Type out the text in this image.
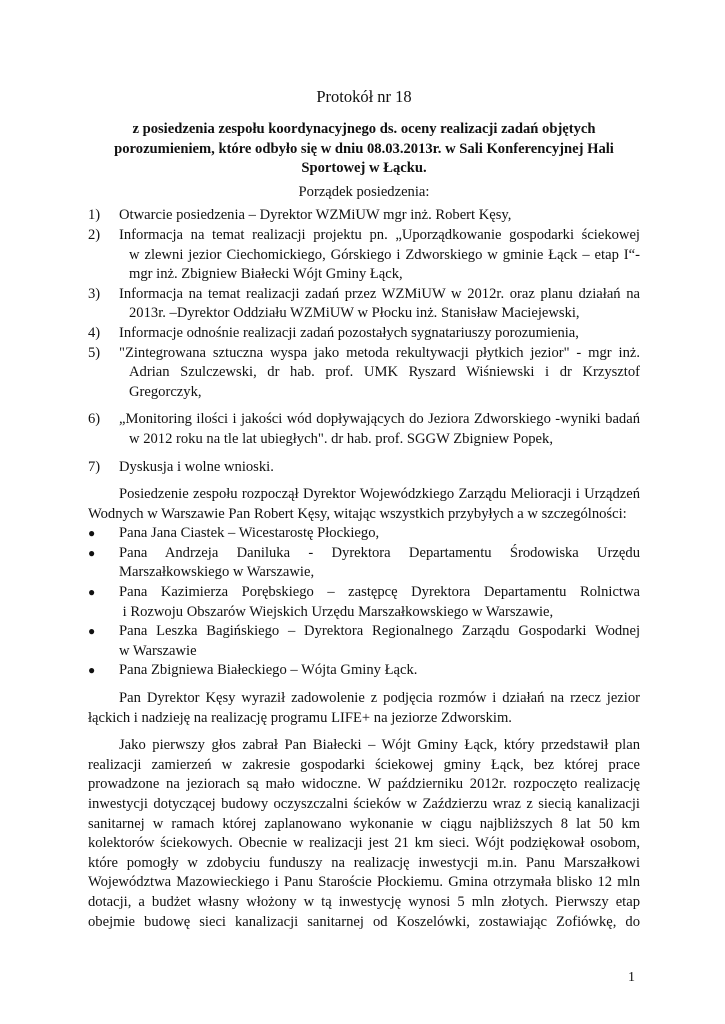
Protokół nr 18
z posiedzenia zespołu koordynacyjnego ds. oceny realizacji zadań objętych
porozumieniem, które odbyło się w dniu 08.03.2013r. w Sali Konferencyjnej Hali
Sportowej w Łącku.
Porządek posiedzenia:
1) Otwarcie posiedzenia – Dyrektor WZMiUW mgr inż. Robert Kęsy,
2) Informacja na temat realizacji projektu pn. „Uporządkowanie gospodarki ściekowej
w zlewni jezior Ciechomickiego, Górskiego i Zdworskiego w gminie Łąck – etap I“-
mgr inż. Zbigniew Białecki Wójt Gminy Łąck,
3) Informacja na temat realizacji zadań przez WZMiUW w 2012r. oraz planu działań na
2013r. –Dyrektor Oddziału WZMiUW w Płocku inż. Stanisław Maciejewski,
4) Informacje odnośnie realizacji zadań pozostałych sygnatariuszy porozumienia,
5) "Zintegrowana sztuczna wyspa jako metoda rekultywacji płytkich jezior" - mgr inż.
Adrian Szulczewski, dr hab. prof. UMK Ryszard Wiśniewski i dr Krzysztof
Gregorczyk,
6) „Monitoring ilości i jakości wód dopływających do Jeziora Zdworskiego -wyniki badań
w 2012 roku na tle lat ubiegłych". dr hab. prof. SGGW Zbigniew Popek,
7) Dyskusja i wolne wnioski.

Posiedzenie zespołu rozpoczął Dyrektor Wojewódzkiego Zarządu Melioracji i Urządzeń Wodnych w Warszawie Pan Robert Kęsy, witając wszystkich przybyłych a w szczególności:

● Pana Jana Ciastek – Wicestarostę Płockiego,
● Pana Andrzeja Daniluka - Dyrektora Departamentu Środowiska Urzędu
Marszałkowskiego w Warszawie,
● Pana Kazimierza Porębskiego – zastępcę Dyrektora Departamentu Rolnictwa
i Rozwoju Obszarów Wiejskich Urzędu Marszałkowskiego w Warszawie,
● Pana Leszka Bagińskiego – Dyrektora Regionalnego Zarządu Gospodarki Wodnej
w Warszawie
● Pana Zbigniewa Białeckiego – Wójta Gminy Łąck.

Pan Dyrektor Kęsy wyraził zadowolenie z podjęcia rozmów i działań na rzecz jezior łąckich i nadzieję na realizację programu LIFE+ na jeziorze Zdworskim.

Jako pierwszy głos zabrał Pan Białecki – Wójt Gminy Łąck, który przedstawił plan realizacji zamierzeń w zakresie gospodarki ściekowej gminy Łąck, bez której prace prowadzone na jeziorach są mało widoczne. W październiku 2012r. rozpoczęto realizację inwestycji dotyczącej budowy oczyszczalni ścieków w Zaździerzu wraz z siecią kanalizacji sanitarnej w ramach której zaplanowano wykonanie w ciągu najbliższych 8 lat 50 km kolektorów ściekowych. Obecnie w realizacji jest 21 km sieci. Wójt podziękował osobom, które pomogły w zdobyciu funduszy na realizację inwestycji m.in. Panu Marszałkowi Województwa Mazowieckiego i Panu Staroście Płockiemu. Gmina otrzymała blisko 12 mln dotacji, a budżet własny włożony w tą inwestycję wynosi 5 mln złotych. Pierwszy etap obejmie budowę sieci kanalizacji sanitarnej od Koszelówki, zostawiając Zofiówkę, do

1
